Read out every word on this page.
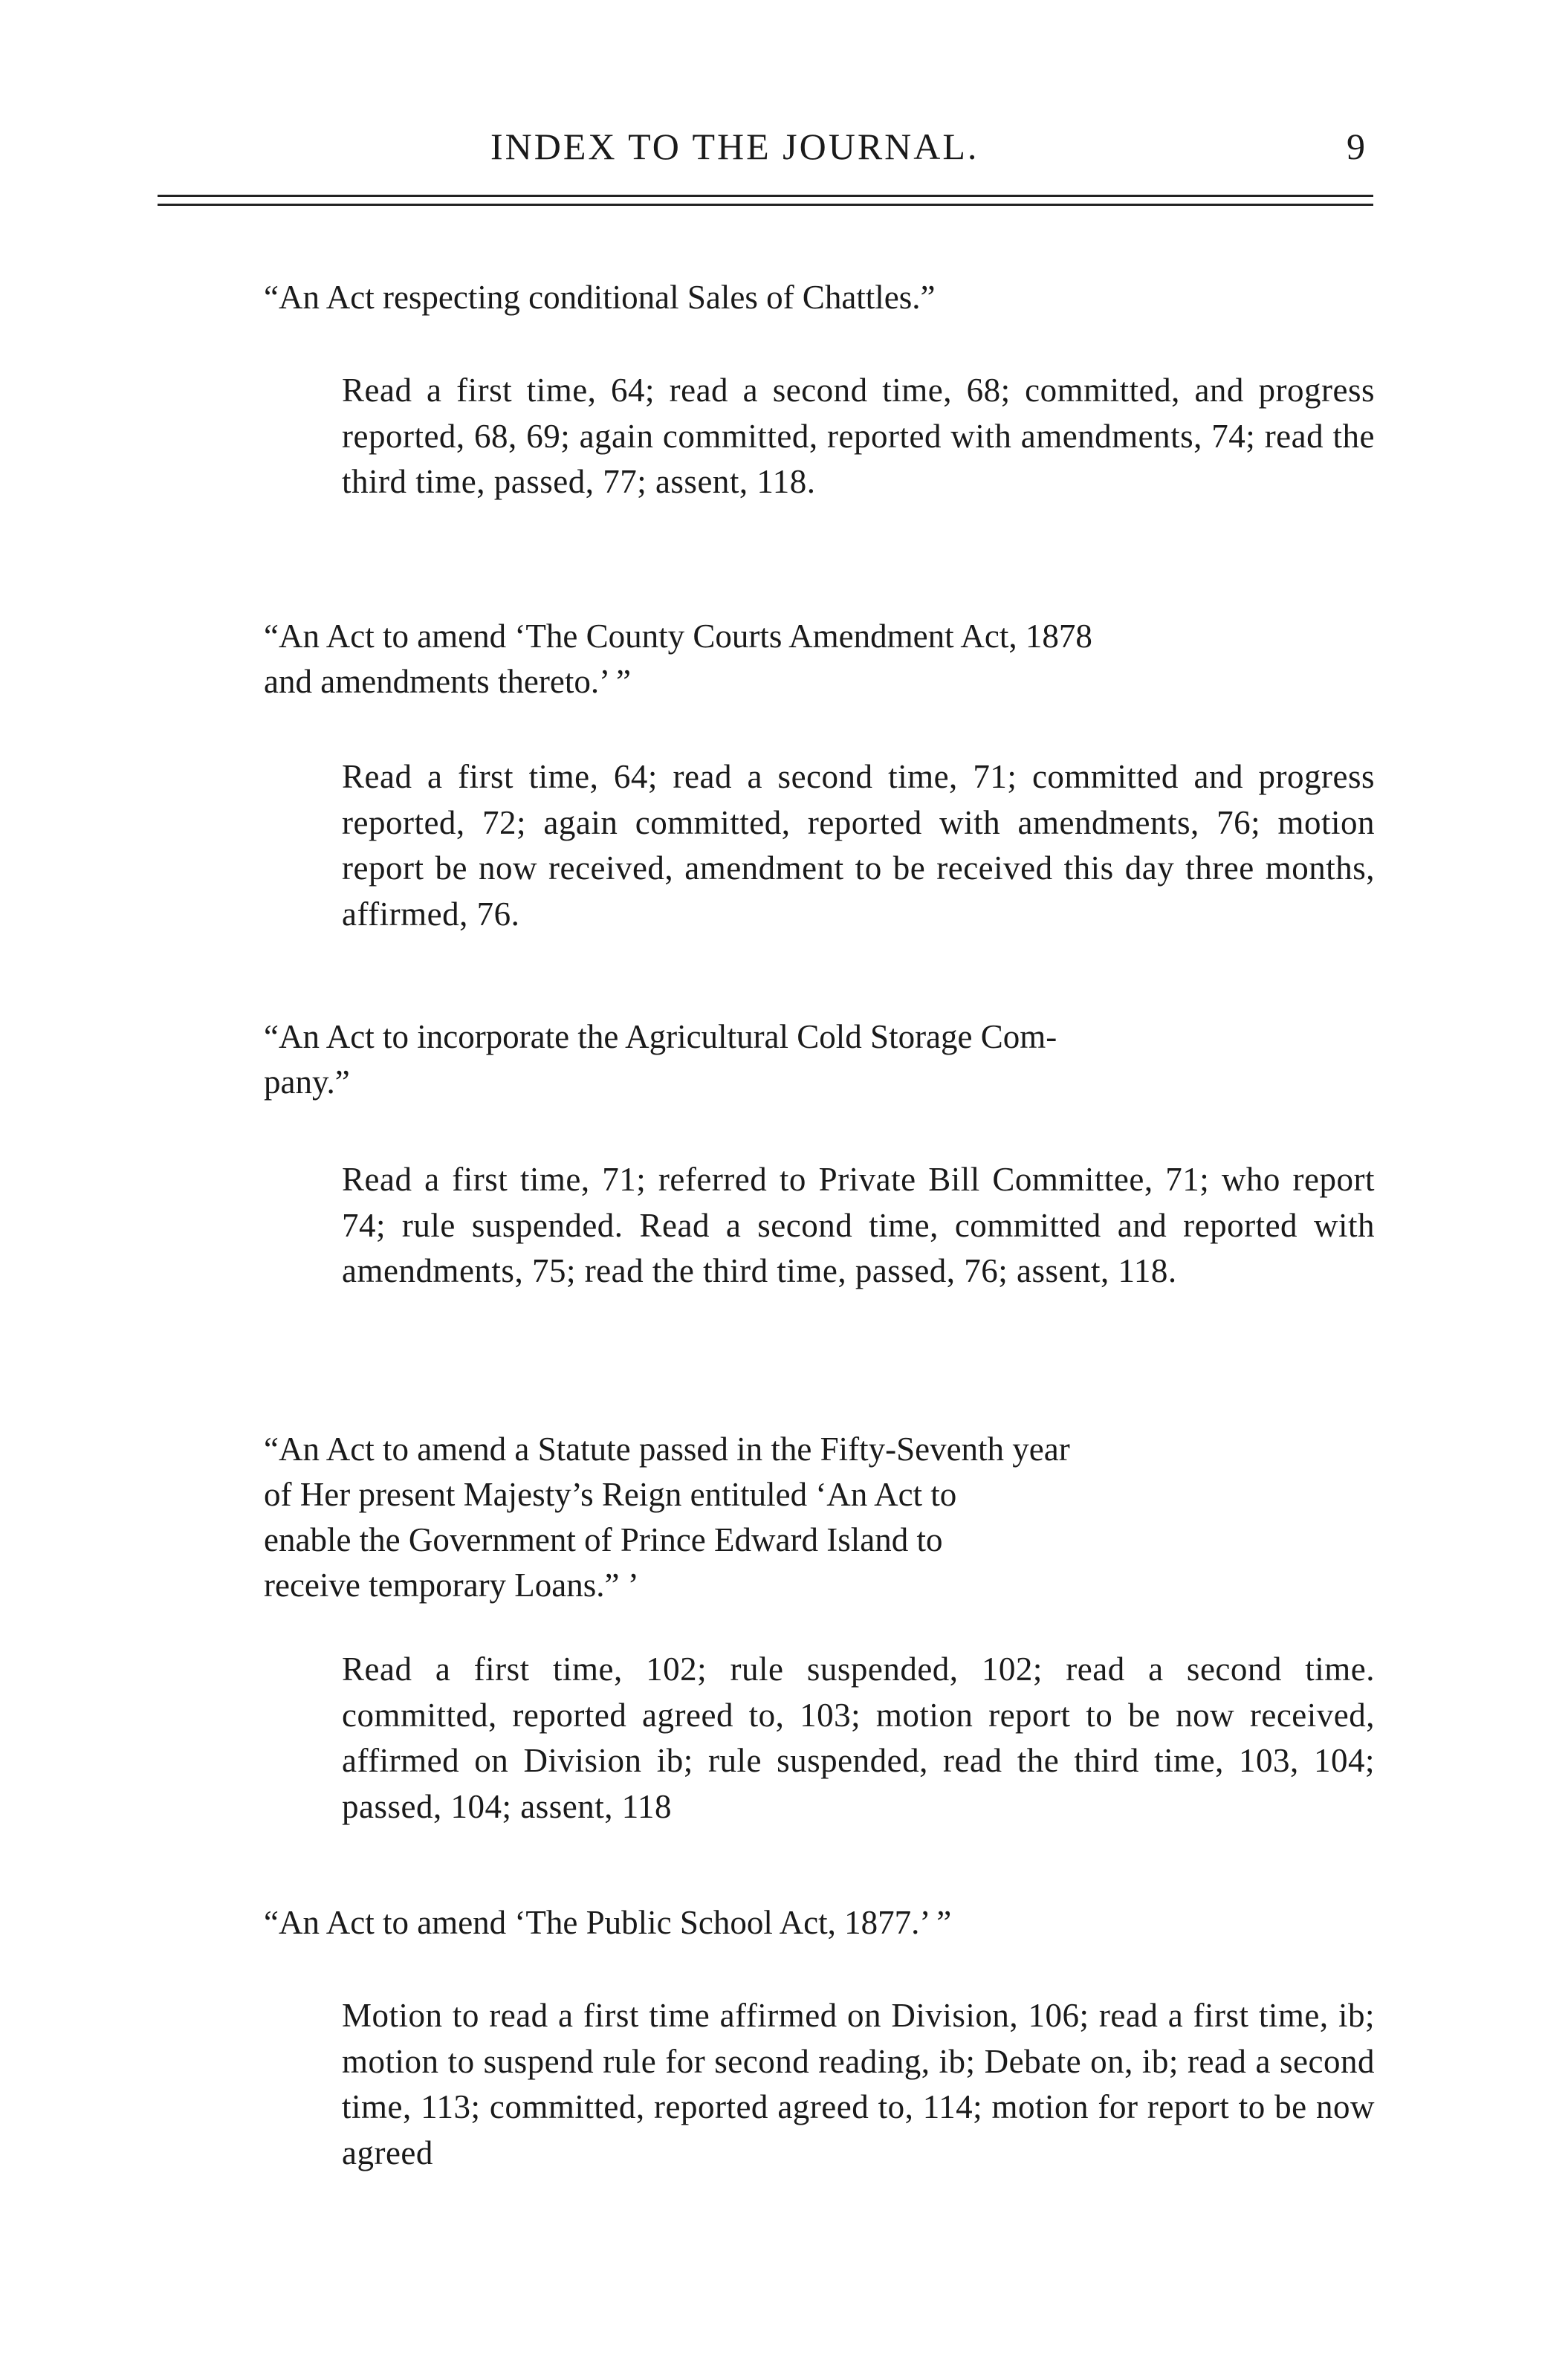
INDEX TO THE JOURNAL.	9
“An Act respecting conditional Sales of Chattles.”
Read a first time, 64; read a second time, 68; committed, and progress reported, 68, 69; again committed, reported with amendments, 74; read the third time, passed, 77; assent, 118.
“An Act to amend ‘The County Courts Amendment Act, 1878
and amendments thereto.’ ”
Read a first time, 64; read a second time, 71; committed and progress reported, 72; again committed, reported with amendments, 76; motion report be now received, amendment to be received this day three months, affirmed, 76.
“An Act to incorporate the Agricultural Cold Storage Com-
pany.”
Read a first time, 71; referred to Private Bill Committee, 71; who report 74; rule suspended. Read a second time, committed and reported with amendments, 75; read the third time, passed, 76; assent, 118.
“An Act to amend a Statute passed in the Fifty-Seventh year
of Her present Majesty’s Reign entituled ‘An Act to
enable the Government of Prince Edward Island to
receive temporary Loans.” ’
Read a first time, 102; rule suspended, 102; read a second time. committed, reported agreed to, 103; motion report to be now received, affirmed on Division ib; rule suspended, read the third time, 103, 104; passed, 104; assent, 118
“An Act to amend ‘The Public School Act, 1877.’ ”
Motion to read a first time affirmed on Division, 106; read a first time, ib; motion to suspend rule for second reading, ib; Debate on, ib; read a second time, 113; committed, reported agreed to, 114; motion for report to be now agreed
